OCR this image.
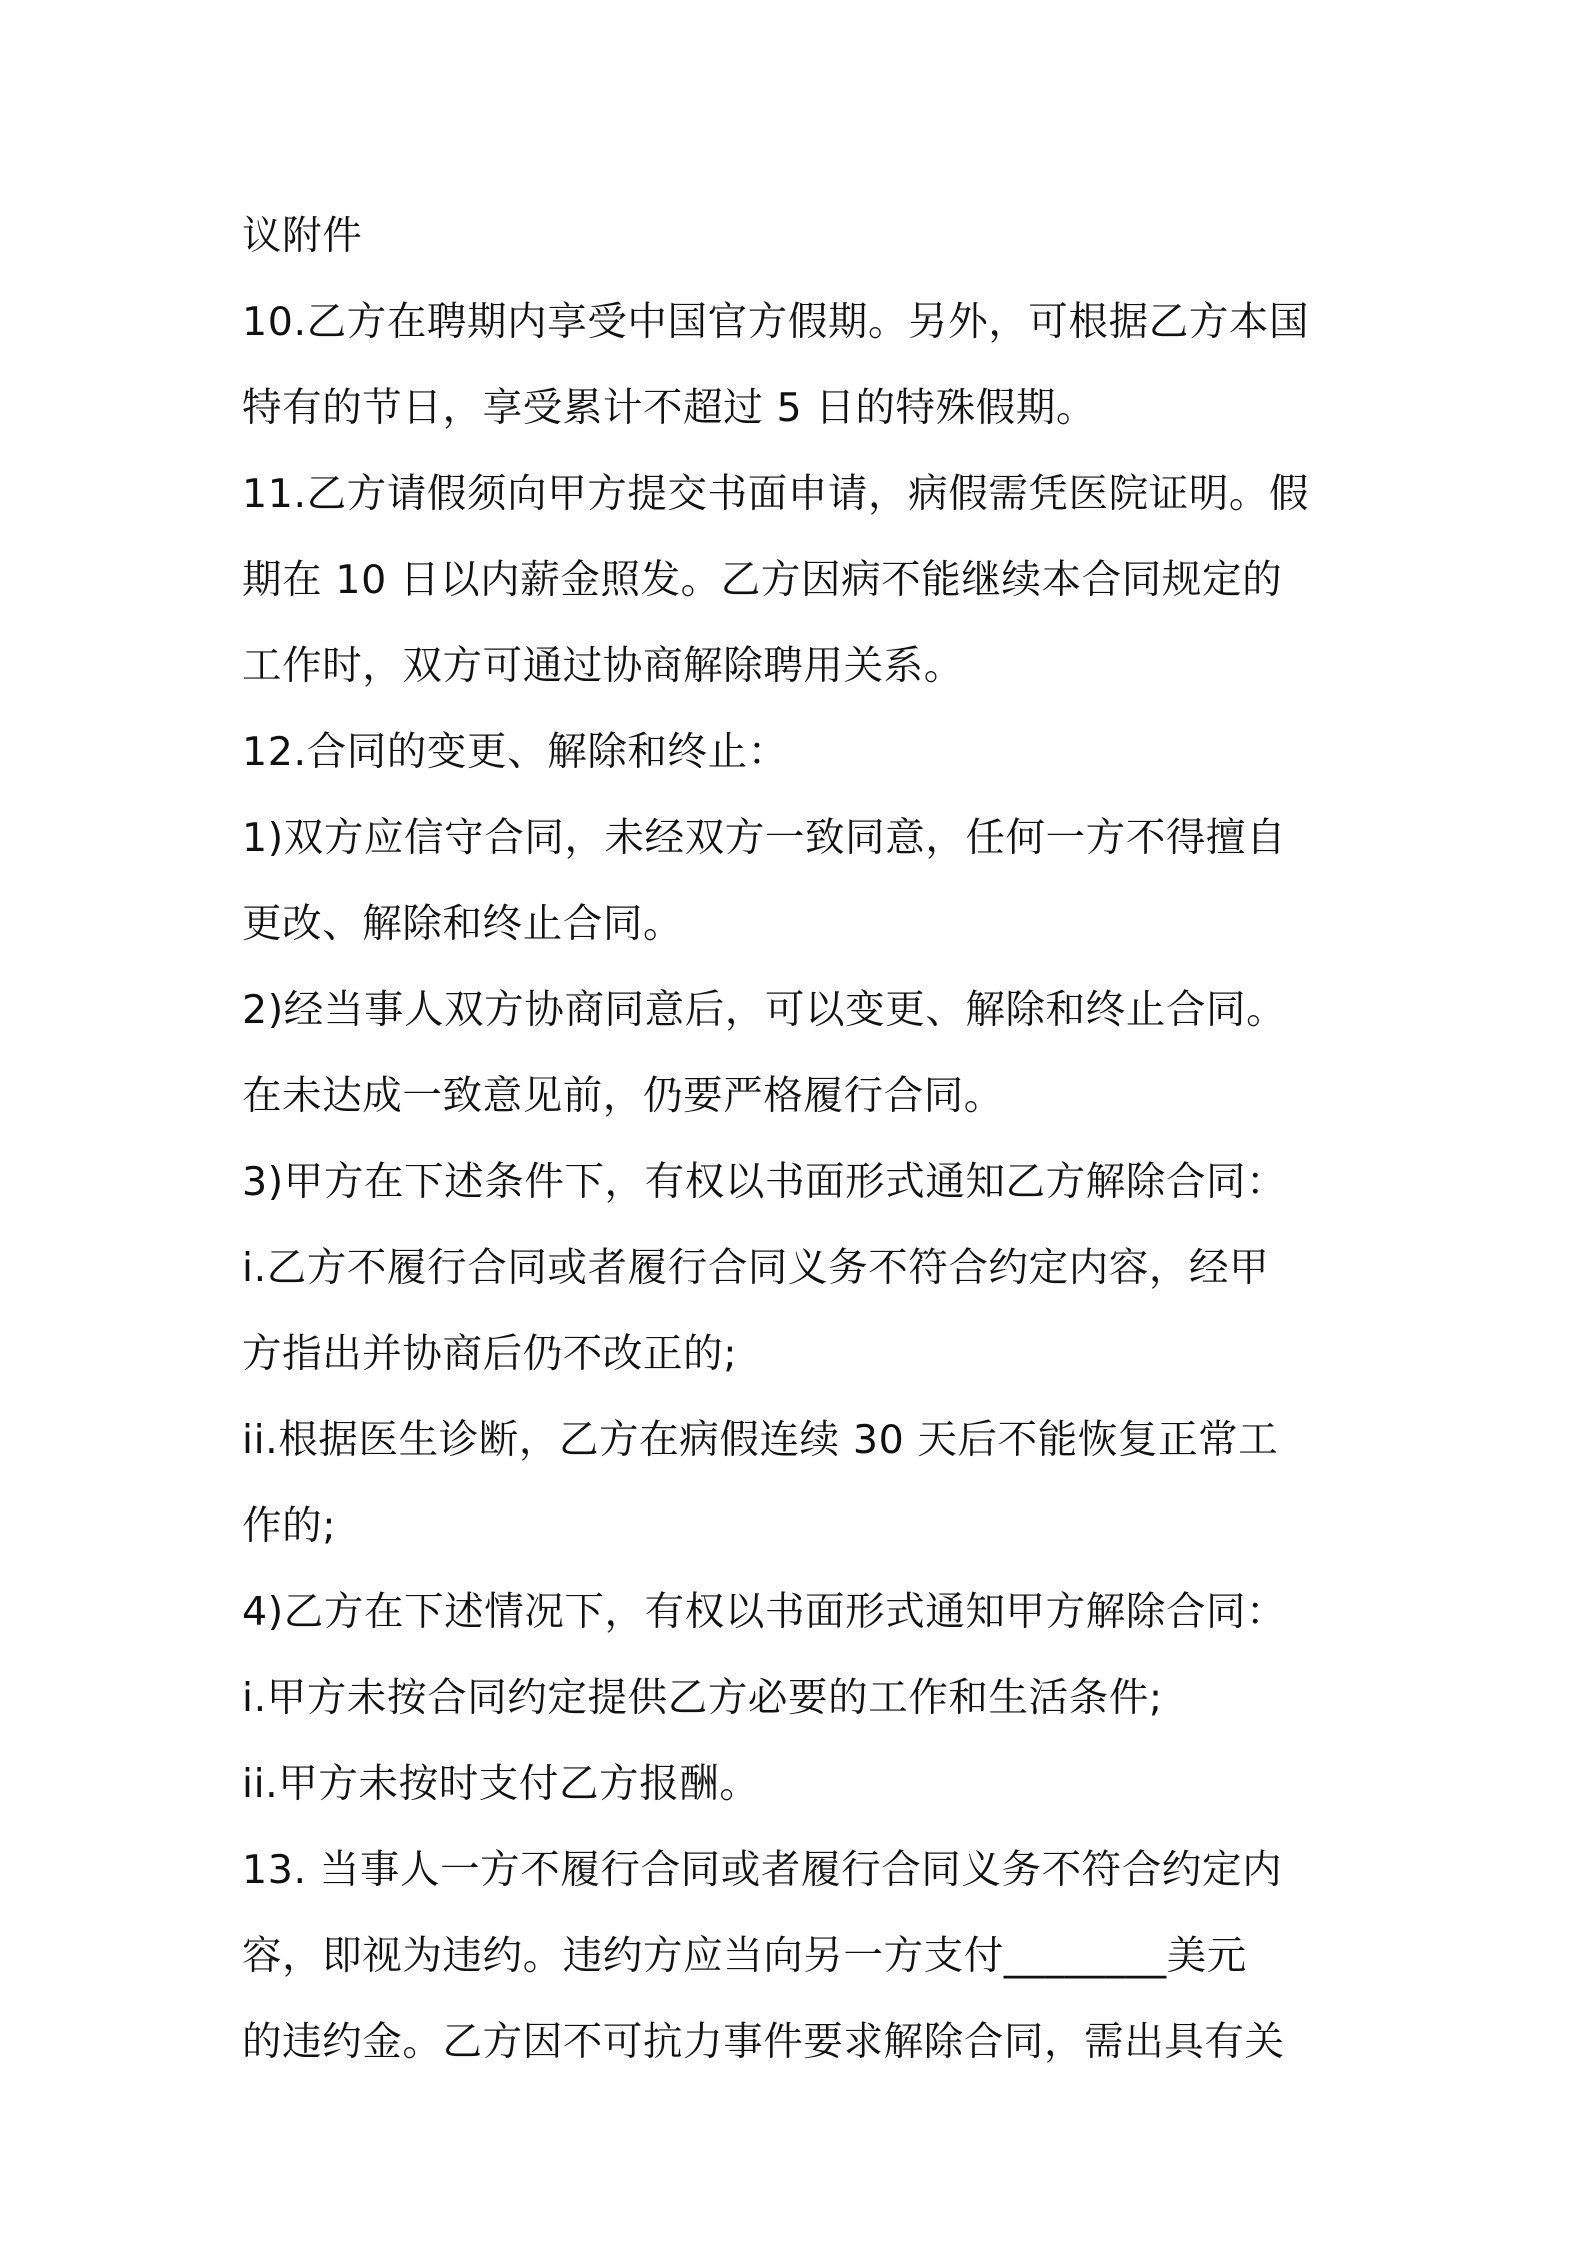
议附件
10.乙方在聘期内享受中国官方假期。另外，可根据乙方本国
特有的节日，享受累计不超过 5 日的特殊假期。
11.乙方请假须向甲方提交书面申请，病假需凭医院证明。假
期在 10 日以内薪金照发。乙方因病不能继续本合同规定的
工作时，双方可通过协商解除聘用关系。
12.合同的变更、解除和终止：
1)双方应信守合同，未经双方一致同意，任何一方不得擅自
更改、解除和终止合同。
2)经当事人双方协商同意后，可以变更、解除和终止合同。
在未达成一致意见前，仍要严格履行合同。
3)甲方在下述条件下，有权以书面形式通知乙方解除合同：
i.乙方不履行合同或者履行合同义务不符合约定内容，经甲
方指出并协商后仍不改正的;
ii.根据医生诊断，乙方在病假连续 30 天后不能恢复正常工
作的;
4)乙方在下述情况下，有权以书面形式通知甲方解除合同：
i.甲方未按合同约定提供乙方必要的工作和生活条件;
ii.甲方未按时支付乙方报酬。
13. 当事人一方不履行合同或者履行合同义务不符合约定内
容，即视为违约。违约方应当向另一方支付________美元
的违约金。乙方因不可抗力事件要求解除合同，需出具有关
